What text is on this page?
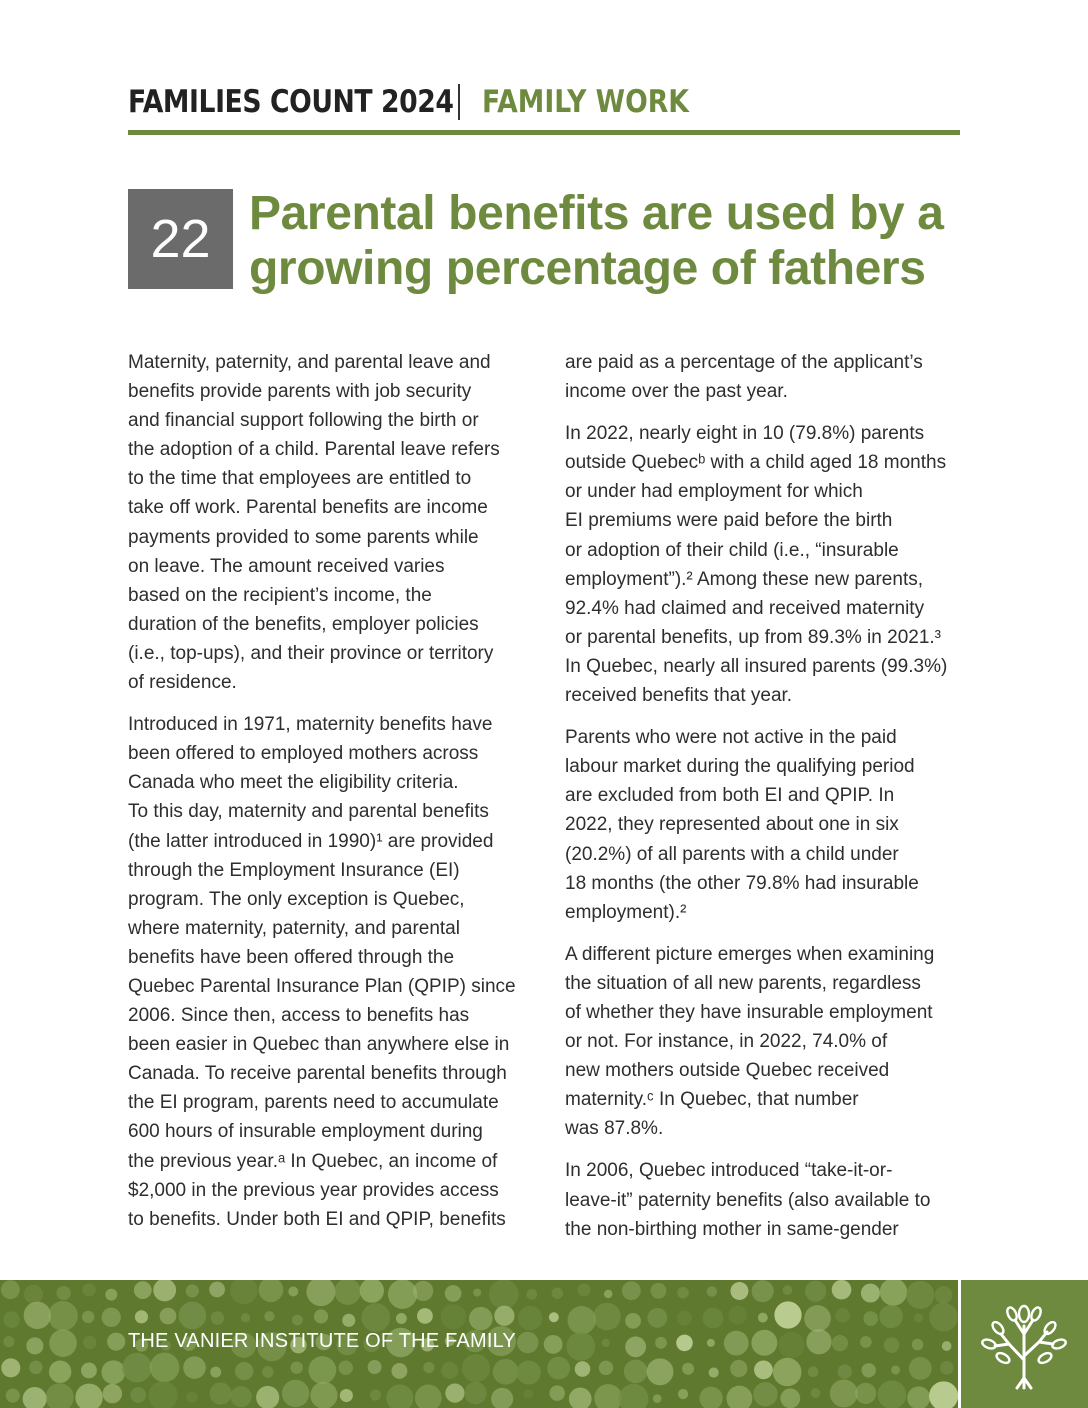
FAMILIES COUNT 2024 FAMILY WORK
22 Parental benefits are used by a
growing percentage of fathers

Maternity, paternity, and parental leave and
benefits provide parents with job security
and financial support following the birth or
the adoption of a child. Parental leave refers
to the time that employees are entitled to
take off work. Parental benefits are income
payments provided to some parents while
on leave. The amount received varies
based on the recipient’s income, the
duration of the benefits, employer policies
(i.e., top-ups), and their province or territory
of residence.

Introduced in 1971, maternity benefits have
been offered to employed mothers across
Canada who meet the eligibility criteria.
To this day, maternity and parental benefits
(the latter introduced in 1990)¹ are provided
through the Employment Insurance (EI)
program. The only exception is Quebec,
where maternity, paternity, and parental
benefits have been offered through the
Quebec Parental Insurance Plan (QPIP) since
2006. Since then, access to benefits has
been easier in Quebec than anywhere else in
Canada. To receive parental benefits through
the EI program, parents need to accumulate
600 hours of insurable employment during
the previous year.ᵃ In Quebec, an income of
$2,000 in the previous year provides access
to benefits. Under both EI and QPIP, benefits

are paid as a percentage of the applicant’s
income over the past year.

In 2022, nearly eight in 10 (79.8%) parents
outside Quebecᵇ with a child aged 18 months
or under had employment for which
EI premiums were paid before the birth
or adoption of their child (i.e., “insurable
employment”).² Among these new parents,
92.4% had claimed and received maternity
or parental benefits, up from 89.3% in 2021.³
In Quebec, nearly all insured parents (99.3%)
received benefits that year.

Parents who were not active in the paid
labour market during the qualifying period
are excluded from both EI and QPIP. In
2022, they represented about one in six
(20.2%) of all parents with a child under
18 months (the other 79.8% had insurable
employment).²

A different picture emerges when examining
the situation of all new parents, regardless
of whether they have insurable employment
or not. For instance, in 2022, 74.0% of
new mothers outside Quebec received
maternity.ᶜ In Quebec, that number
was 87.8%.

In 2006, Quebec introduced “take-it-or-
leave-it” paternity benefits (also available to
the non-birthing mother in same-gender

THE VANIER INSTITUTE OF THE FAMILY
